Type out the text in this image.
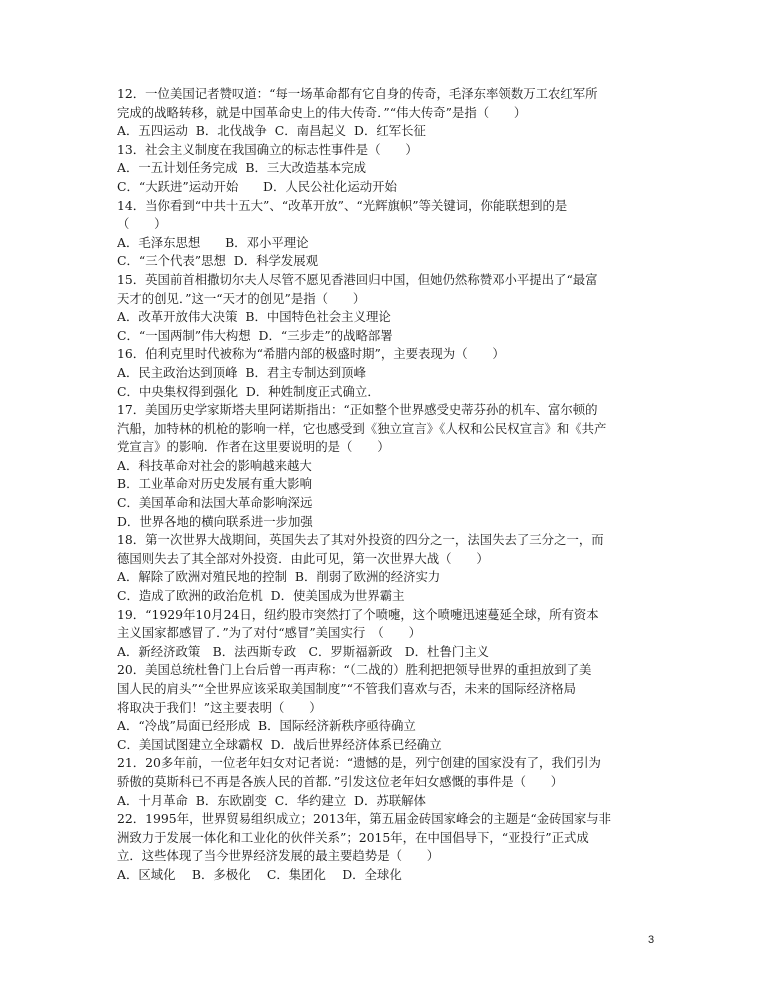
12．一位美国记者赞叹道：“每一场革命都有它自身的传奇，毛泽东率领数万工农红军所
完成的战略转移，就是中国革命史上的伟大传奇．”“伟大传奇”是指（　　）
A．五四运动  B．北伐战争  C．南昌起义  D．红军长征
13．社会主义制度在我国确立的标志性事件是（　　）
A．一五计划任务完成  B．三大改造基本完成
C．“大跃进”运动开始　　D．人民公社化运动开始
14．当你看到“中共十五大”、“改革开放”、“光辉旗帜”等关键词，你能联想到的是
（　　）
A．毛泽东思想　　B．邓小平理论
C．“三个代表”思想  D．科学发展观
15．英国前首相撒切尔夫人尽管不愿见香港回归中国，但她仍然称赞邓小平提出了“最富
天才的创见．”这一“天才的创见”是指（　　）
A．改革开放伟大决策  B．中国特色社会主义理论
C．“一国两制”伟大构想  D．“三步走”的战略部署
16．伯利克里时代被称为“希腊内部的极盛时期”，主要表现为（　　）
A．民主政治达到顶峰  B．君主专制达到顶峰
C．中央集权得到强化  D．种姓制度正式确立．
17．美国历史学家斯塔夫里阿诺斯指出：“正如整个世界感受史蒂芬孙的机车、富尔顿的
汽船，加特林的机枪的影响一样，它也感受到《独立宣言》《人权和公民权宣言》和《共产
党宣言》的影响．作者在这里要说明的是（　　）
A．科技革命对社会的影响越来越大
B．工业革命对历史发展有重大影响
C．美国革命和法国大革命影响深远
D．世界各地的横向联系进一步加强
18．第一次世界大战期间，英国失去了其对外投资的四分之一，法国失去了三分之一，而
德国则失去了其全部对外投资．由此可见，第一次世界大战（　　）
A．解除了欧洲对殖民地的控制  B．削弱了欧洲的经济实力
C．造成了欧洲的政治危机  D．使美国成为世界霸主
19．“1929年10月24日，纽约股市突然打了个喷嚏，这个喷嚏迅速蔓延全球，所有资本
主义国家都感冒了．”为了对付“感冒”美国实行　（　　）
A．新经济政策　B．法西斯专政　C．罗斯福新政　D．杜鲁门主义
20．美国总统杜鲁门上台后曾一再声称：“（二战的）胜利把把领导世界的重担放到了美
国人民的肩头”“全世界应该采取美国制度”“不管我们喜欢与否，未来的国际经济格局
将取决于我们！”这主要表明（　　）
A．“冷战”局面已经形成  B．国际经济新秩序亟待确立
C．美国试图建立全球霸权  D．战后世界经济体系已经确立
21．20多年前，一位老年妇女对记者说：“遗憾的是，列宁创建的国家没有了，我们引为
骄傲的莫斯科已不再是各族人民的首都．”引发这位老年妇女感慨的事件是（　　）
A．十月革命  B．东欧剧变  C．华约建立  D．苏联解体
22．1995年，世界贸易组织成立；2013年，第五届金砖国家峰会的主题是“金砖国家与非
洲致力于发展一体化和工业化的伙伴关系”；2015年，在中国倡导下，“亚投行”正式成
立．这些体现了当今世界经济发展的最主要趋势是（　　）
A．区域化　 B．多极化　 C．集团化　 D．全球化
3
